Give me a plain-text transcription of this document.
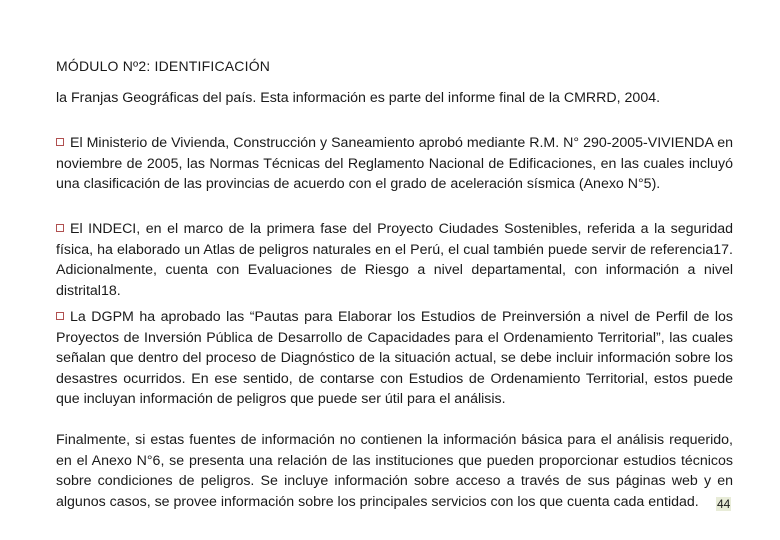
MÓDULO Nº2: IDENTIFICACIÓN

la Franjas Geográficas del país. Esta información es parte del informe final de la CMRRD, 2004.

El Ministerio de Vivienda, Construcción y Saneamiento aprobó mediante R.M. N° 290-2005-VIVIENDA en noviembre de 2005, las Normas Técnicas del Reglamento Nacional de Edificaciones, en las cuales incluyó una clasificación de las provincias de acuerdo con el grado de aceleración sísmica (Anexo N°5).

El INDECI, en el marco de la primera fase del Proyecto Ciudades Sostenibles, referida a la seguridad física, ha elaborado un Atlas de peligros naturales en el Perú, el cual también puede servir de referencia17. Adicionalmente, cuenta con Evaluaciones de Riesgo a nivel departamental, con información a nivel distrital18.

La DGPM ha aprobado las “Pautas para Elaborar los Estudios de Preinversión a nivel de Perfil de los Proyectos de Inversión Pública de Desarrollo de Capacidades para el Ordenamiento Territorial”, las cuales señalan que dentro del proceso de Diagnóstico de la situación actual, se debe incluir información sobre los desastres ocurridos. En ese sentido, de contarse con Estudios de Ordenamiento Territorial, estos puede que incluyan información de peligros que puede ser útil para el análisis.

Finalmente, si estas fuentes de información no contienen la información básica para el análisis requerido, en el Anexo N°6, se presenta una relación de las instituciones que pueden proporcionar estudios técnicos sobre condiciones de peligros. Se incluye información sobre acceso a través de sus páginas web y en algunos casos, se provee información sobre los principales servicios con los que cuenta cada entidad.	44
